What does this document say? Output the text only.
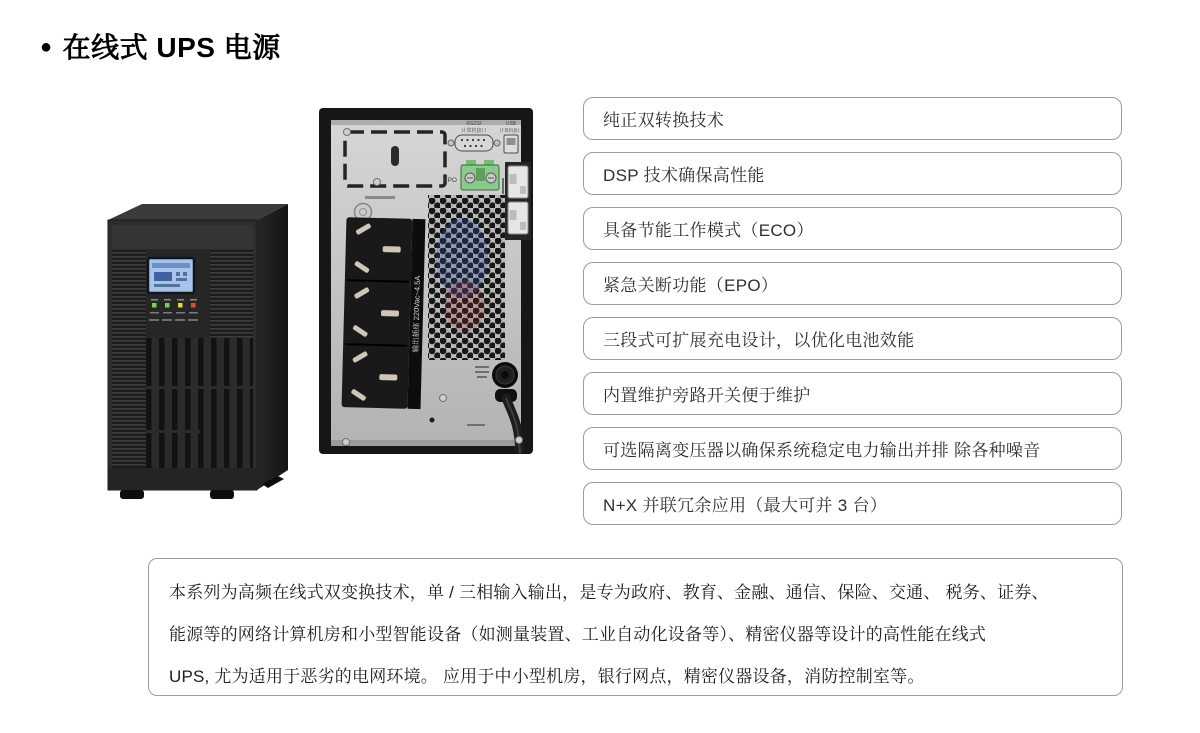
● 在线式 UPS 电源
RS232
计算机接口
USB
计算机接口
EPO
输出插座 220Vac~4.5A
纯正双转换技术
DSP 技术确保高性能
具备节能工作模式（ECO）
紧急关断功能（EPO）
三段式可扩展充电设计，以优化电池效能
内置维护旁路开关便于维护
可选隔离变压器以确保系统稳定电力输出并排 除各种噪音
N+X 并联冗余应用（最大可并 3 台）
本系列为高频在线式双变换技术，单 / 三相输入输出，是专为政府、教育、金融、通信、保险、交通、 税务、证券、
能源等的网络计算机房和小型智能设备（如测量装置、工业自动化设备等）、精密仪器等设计的高性能在线式
UPS, 尤为适用于恶劣的电网环境。 应用于中小型机房，银行网点，精密仪器设备，消防控制室等。
